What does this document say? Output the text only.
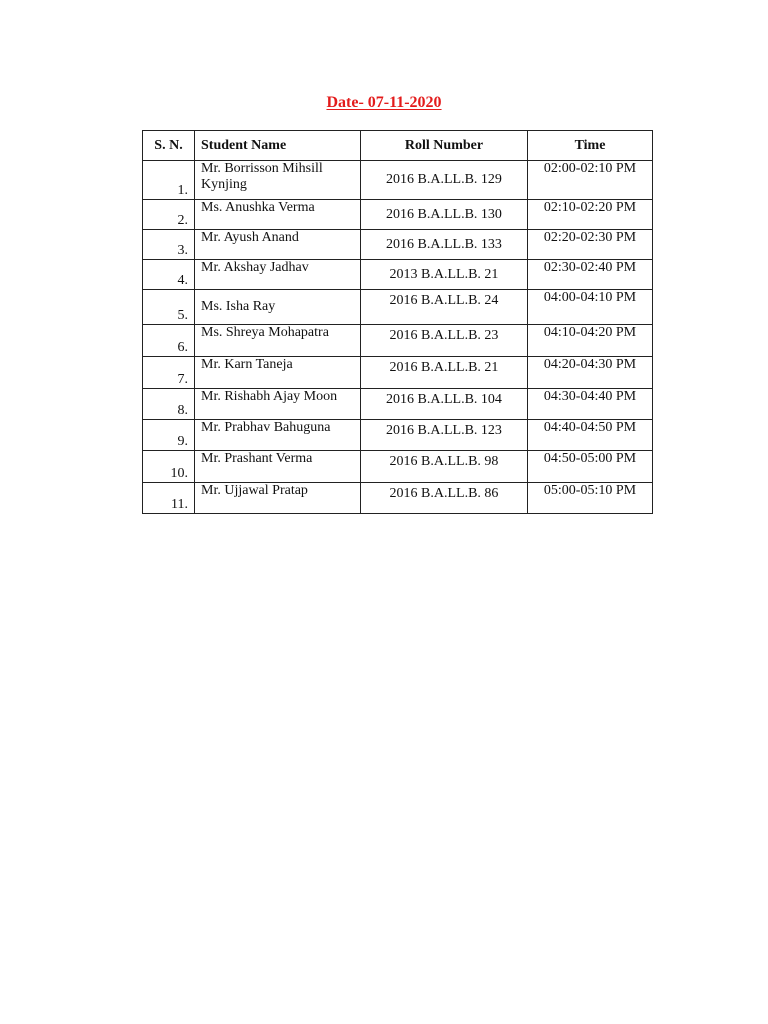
Date- 07-11-2020
S. N.	Student Name	Roll Number	Time
1.	Mr. Borrisson Mihsill Kynjing	2016 B.A.LL.B. 129	02:00-02:10 PM
2.	Ms. Anushka Verma	2016 B.A.LL.B. 130	02:10-02:20 PM
3.	Mr. Ayush Anand	2016 B.A.LL.B. 133	02:20-02:30 PM
4.	Mr. Akshay Jadhav	2013 B.A.LL.B. 21	02:30-02:40 PM
5.	Ms. Isha Ray	2016 B.A.LL.B. 24	04:00-04:10 PM
6.	Ms. Shreya Mohapatra	2016 B.A.LL.B. 23	04:10-04:20 PM
7.	Mr. Karn Taneja	2016 B.A.LL.B. 21	04:20-04:30 PM
8.	Mr. Rishabh Ajay Moon	2016 B.A.LL.B. 104	04:30-04:40 PM
9.	Mr. Prabhav Bahuguna	2016 B.A.LL.B. 123	04:40-04:50 PM
10.	Mr. Prashant Verma	2016 B.A.LL.B. 98	04:50-05:00 PM
11.	Mr. Ujjawal Pratap	2016 B.A.LL.B. 86	05:00-05:10 PM
